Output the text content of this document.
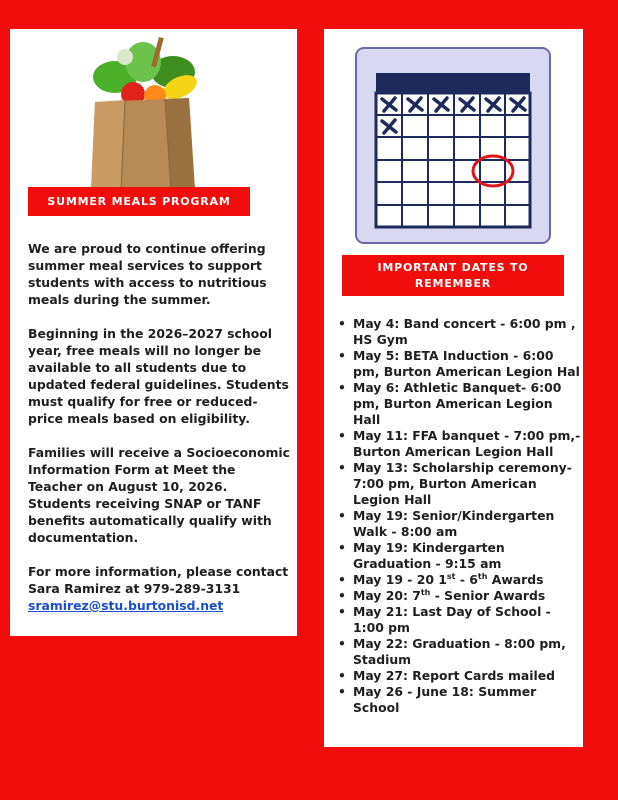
SUMMER MEALS PROGRAM

We are proud to continue offering summer meal services to support students with access to nutritious meals during the summer.

Beginning in the 2026–2027 school year, free meals will no longer be available to all students due to updated federal guidelines. Students must qualify for free or reduced-price meals based on eligibility.

Families will receive a Socioeconomic Information Form at Meet the Teacher on August 10, 2026. Students receiving SNAP or TANF benefits automatically qualify with documentation.

For more information, please contact Sara Ramirez at 979-289-3131 sramirez@stu.burtonisd.net

IMPORTANT DATES TO REMEMBER
• May 4: Band concert - 6:00 pm , HS Gym
• May 5: BETA Induction - 6:00 pm, Burton American Legion Hal
• May 6: Athletic Banquet- 6:00 pm, Burton American Legion Hall
• May 11: FFA banquet - 7:00 pm,- Burton American Legion Hall
• May 13: Scholarship ceremony- 7:00 pm, Burton American Legion Hall
• May 19: Senior/Kindergarten Walk - 8:00 am
• May 19: Kindergarten Graduation - 9:15 am
• May 19 - 20 1st - 6th Awards
• May 20: 7th - Senior Awards
• May 21: Last Day of School - 1:00 pm
• May 22: Graduation - 8:00 pm, Stadium
• May 27: Report Cards mailed
• May 26 - June 18: Summer School
